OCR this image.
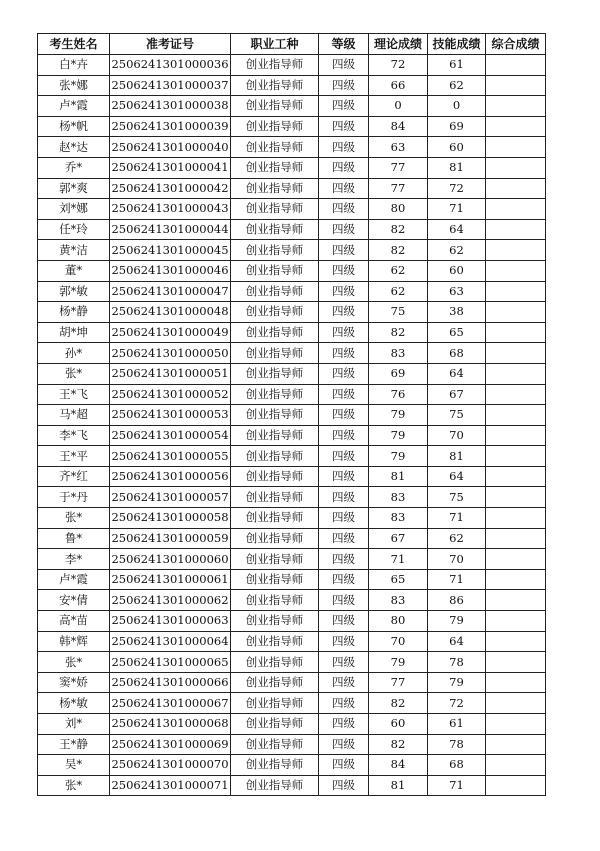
考生姓名	准考证号	职业工种	等级	理论成绩	技能成绩	综合成绩
白*卉	2506241301000036	创业指导师	四级	72	61	
张*娜	2506241301000037	创业指导师	四级	66	62	
卢*霞	2506241301000038	创业指导师	四级	0	0	
杨*帆	2506241301000039	创业指导师	四级	84	69	
赵*达	2506241301000040	创业指导师	四级	63	60	
乔*	2506241301000041	创业指导师	四级	77	81	
郭*爽	2506241301000042	创业指导师	四级	77	72	
刘*娜	2506241301000043	创业指导师	四级	80	71	
任*玲	2506241301000044	创业指导师	四级	82	64	
黄*洁	2506241301000045	创业指导师	四级	82	62	
董*	2506241301000046	创业指导师	四级	62	60	
郭*敏	2506241301000047	创业指导师	四级	62	63	
杨*静	2506241301000048	创业指导师	四级	75	38	
胡*坤	2506241301000049	创业指导师	四级	82	65	
孙*	2506241301000050	创业指导师	四级	83	68	
张*	2506241301000051	创业指导师	四级	69	64	
王*飞	2506241301000052	创业指导师	四级	76	67	
马*超	2506241301000053	创业指导师	四级	79	75	
李*飞	2506241301000054	创业指导师	四级	79	70	
王*平	2506241301000055	创业指导师	四级	79	81	
齐*红	2506241301000056	创业指导师	四级	81	64	
于*丹	2506241301000057	创业指导师	四级	83	75	
张*	2506241301000058	创业指导师	四级	83	71	
鲁*	2506241301000059	创业指导师	四级	67	62	
李*	2506241301000060	创业指导师	四级	71	70	
卢*霞	2506241301000061	创业指导师	四级	65	71	
安*倩	2506241301000062	创业指导师	四级	83	86	
高*苗	2506241301000063	创业指导师	四级	80	79	
韩*辉	2506241301000064	创业指导师	四级	70	64	
张*	2506241301000065	创业指导师	四级	79	78	
窦*娇	2506241301000066	创业指导师	四级	77	79	
杨*敏	2506241301000067	创业指导师	四级	82	72	
刘*	2506241301000068	创业指导师	四级	60	61	
王*静	2506241301000069	创业指导师	四级	82	78	
吴*	2506241301000070	创业指导师	四级	84	68	
张*	2506241301000071	创业指导师	四级	81	71	
